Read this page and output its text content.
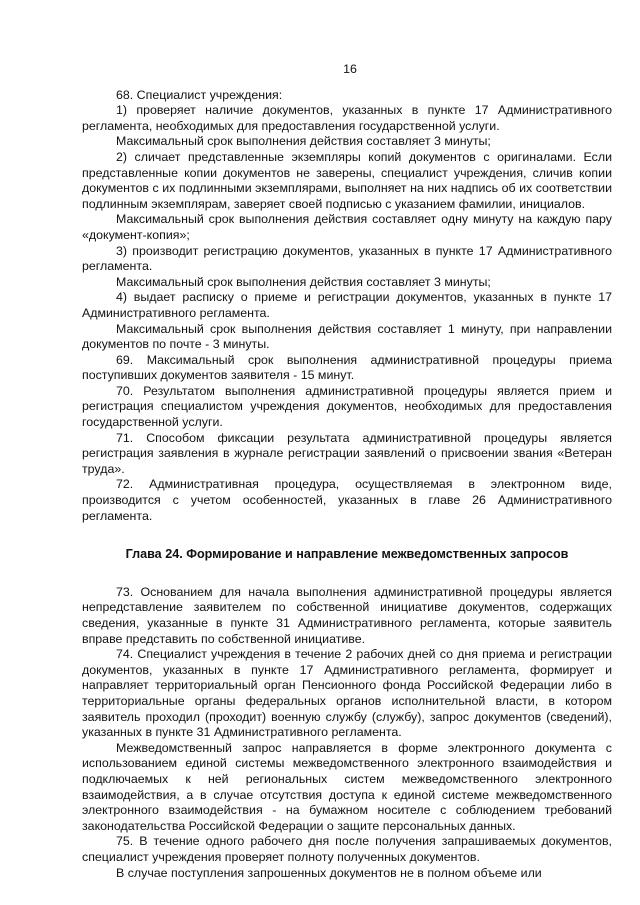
16

68. Специалист учреждения:

1) проверяет наличие документов, указанных в пункте 17 Административного регламента, необходимых для предоставления государственной услуги.

Максимальный срок выполнения действия составляет 3 минуты;

2) сличает представленные экземпляры копий документов с оригиналами. Если представленные копии документов не заверены, специалист учреждения, сличив копии документов с их подлинными экземплярами, выполняет на них надпись об их соответствии подлинным экземплярам, заверяет своей подписью с указанием фамилии, инициалов.

Максимальный срок выполнения действия составляет одну минуту на каждую пару «документ-копия»;

3) производит регистрацию документов, указанных в пункте 17 Административного регламента.

Максимальный срок выполнения действия составляет 3 минуты;

4) выдает расписку о приеме и регистрации документов, указанных в пункте 17 Административного регламента.

Максимальный срок выполнения действия составляет 1 минуту, при направлении документов по почте - 3 минуты.

69. Максимальный срок выполнения административной процедуры приема поступивших документов заявителя - 15 минут.

70. Результатом выполнения административной процедуры является прием и регистрация специалистом учреждения документов, необходимых для предоставления государственной услуги.

71. Способом фиксации результата административной процедуры является регистрация заявления в журнале регистрации заявлений о присвоении звания «Ветеран труда».

72. Административная процедура, осуществляемая в электронном виде, производится с учетом особенностей, указанных в главе 26 Административного регламента.

Глава 24. Формирование и направление межведомственных запросов

73. Основанием для начала выполнения административной процедуры является непредставление заявителем по собственной инициативе документов, содержащих сведения, указанные в пункте 31 Административного регламента, которые заявитель вправе представить по собственной инициативе.

74. Специалист учреждения в течение 2 рабочих дней со дня приема и регистрации документов, указанных в пункте 17 Административного регламента, формирует и направляет территориальный орган Пенсионного фонда Российской Федерации либо в территориальные органы федеральных органов исполнительной власти, в котором заявитель проходил (проходит) военную службу (службу), запрос документов (сведений), указанных в пункте 31 Административного регламента.

Межведомственный запрос направляется в форме электронного документа с использованием единой системы межведомственного электронного взаимодействия и подключаемых к ней региональных систем межведомственного электронного взаимодействия, а в случае отсутствия доступа к единой системе межведомственного электронного взаимодействия - на бумажном носителе с соблюдением требований законодательства Российской Федерации о защите персональных данных.

75. В течение одного рабочего дня после получения запрашиваемых документов, специалист учреждения проверяет полноту полученных документов.

В случае поступления запрошенных документов не в полном объеме или
